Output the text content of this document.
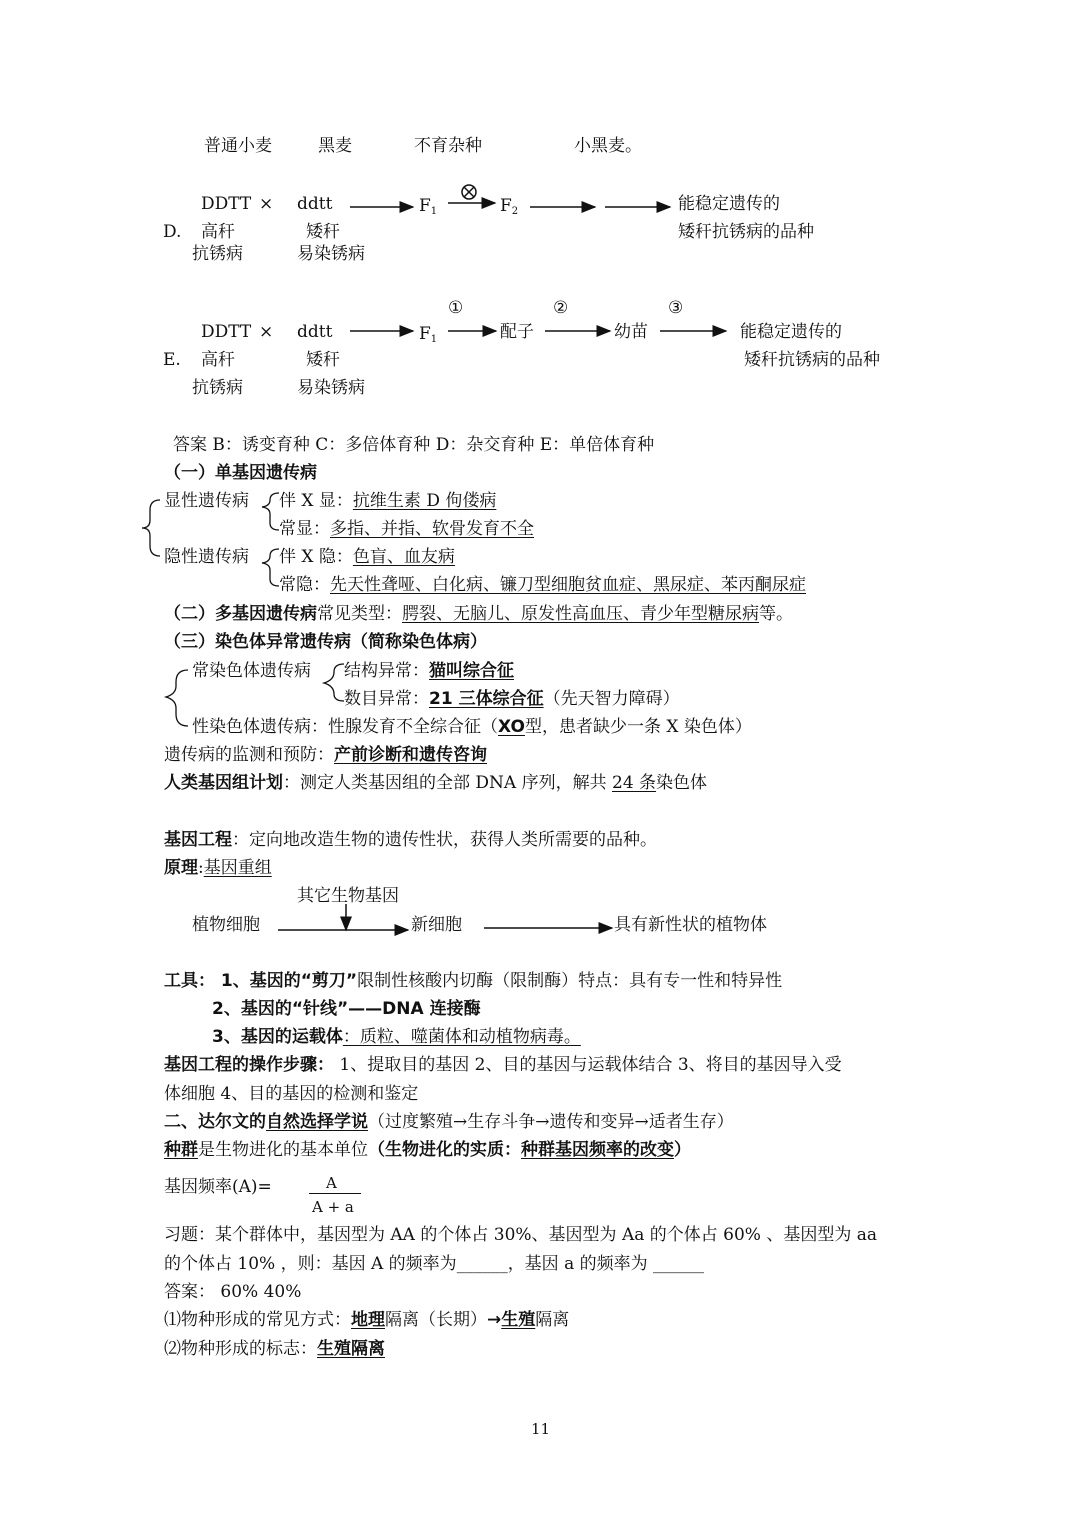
普通小麦	黑麦	不育杂种	小黑麦。
DDTT × ddtt	$F_1$	$F_2$	能稳定遗传的
D. 高秆	矮秆	矮秆抗锈病的品种
抗锈病	易染锈病
①	②	③
DDTT × ddtt	$F_1$	配子	幼苗	能稳定遗传的
E. 高秆	矮秆	矮秆抗锈病的品种
抗锈病	易染锈病
答案 B：诱变育种 C：多倍体育种 D：杂交育种 E：单倍体育种
（一）单基因遗传病
显性遗传病 伴 X 显：抗维生素 D 佝偻病
常显：多指、并指、软骨发育不全
隐性遗传病 伴 X 隐：色盲、血友病
常隐：先天性聋哑、白化病、镰刀型细胞贫血症、黑尿症、苯丙酮尿症
（二）多基因遗传病常见类型：腭裂、无脑儿、原发性高血压、青少年型糖尿病等。
（三）染色体异常遗传病（简称染色体病）
常染色体遗传病 结构异常：猫叫综合征
数目异常：21 三体综合征（先天智力障碍）
性染色体遗传病：性腺发育不全综合征（XO型，患者缺少一条 X 染色体）
遗传病的监测和预防：产前诊断和遗传咨询
人类基因组计划：测定人类基因组的全部 DNA 序列，解共 24 条染色体
基因工程：定向地改造生物的遗传性状，获得人类所需要的品种。
原理:基因重组
其它生物基因
植物细胞	新细胞	具有新性状的植物体
工具： 1、基因的“剪刀”限制性核酸内切酶（限制酶）特点：具有专一性和特异性
2、基因的“针线”——DNA 连接酶
3、基因的运载体：质粒、噬菌体和动植物病毒。
基因工程的操作步骤： 1、提取目的基因 2、目的基因与运载体结合 3、将目的基因导入受
体细胞 4、目的基因的检测和鉴定
二、达尔文的自然选择学说（过度繁殖→生存斗争→遗传和变异→适者生存）
种群是生物进化的基本单位（生物进化的实质：种群基因频率的改变）
基因频率(A)=	A
A + a
习题：某个群体中，基因型为 AA 的个体占 30%、基因型为 Aa 的个体占 60% 、基因型为 aa
的个体占 10% ，则：基因 A 的频率为______，基因 a 的频率为 ______
答案： 60% 40%
⑴物种形成的常见方式：地理隔离（长期）→生殖隔离
⑵物种形成的标志：生殖隔离
11
